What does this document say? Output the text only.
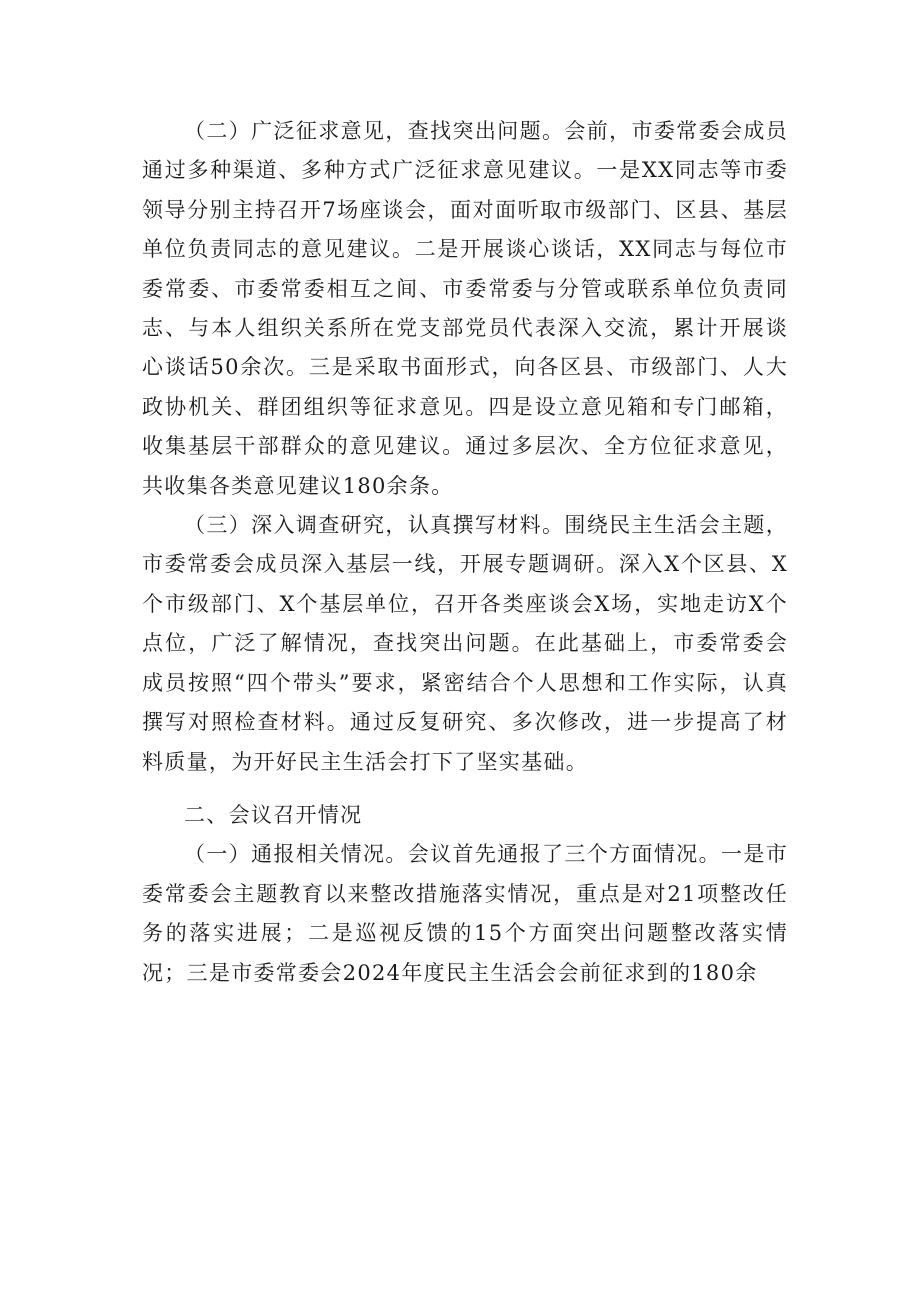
（二）广泛征求意见，查找突出问题。会前，市委常委会成员通过多种渠道、多种方式广泛征求意见建议。一是XX同志等市委领导分别主持召开7场座谈会，面对面听取市级部门、区县、基层单位负责同志的意见建议。二是开展谈心谈话，XX同志与每位市委常委、市委常委相互之间、市委常委与分管或联系单位负责同志、与本人组织关系所在党支部党员代表深入交流，累计开展谈心谈话50余次。三是采取书面形式，向各区县、市级部门、人大政协机关、群团组织等征求意见。四是设立意见箱和专门邮箱，收集基层干部群众的意见建议。通过多层次、全方位征求意见，共收集各类意见建议180余条。

（三）深入调查研究，认真撰写材料。围绕民主生活会主题，市委常委会成员深入基层一线，开展专题调研。深入X个区县、X个市级部门、X个基层单位，召开各类座谈会X场，实地走访X个点位，广泛了解情况，查找突出问题。在此基础上，市委常委会成员按照“四个带头”要求，紧密结合个人思想和工作实际，认真撰写对照检查材料。通过反复研究、多次修改，进一步提高了材料质量，为开好民主生活会打下了坚实基础。

二、会议召开情况

（一）通报相关情况。会议首先通报了三个方面情况。一是市委常委会主题教育以来整改措施落实情况，重点是对21项整改任务的落实进展；二是巡视反馈的15个方面突出问题整改落实情况；三是市委常委会2024年度民主生活会会前征求到的180余
